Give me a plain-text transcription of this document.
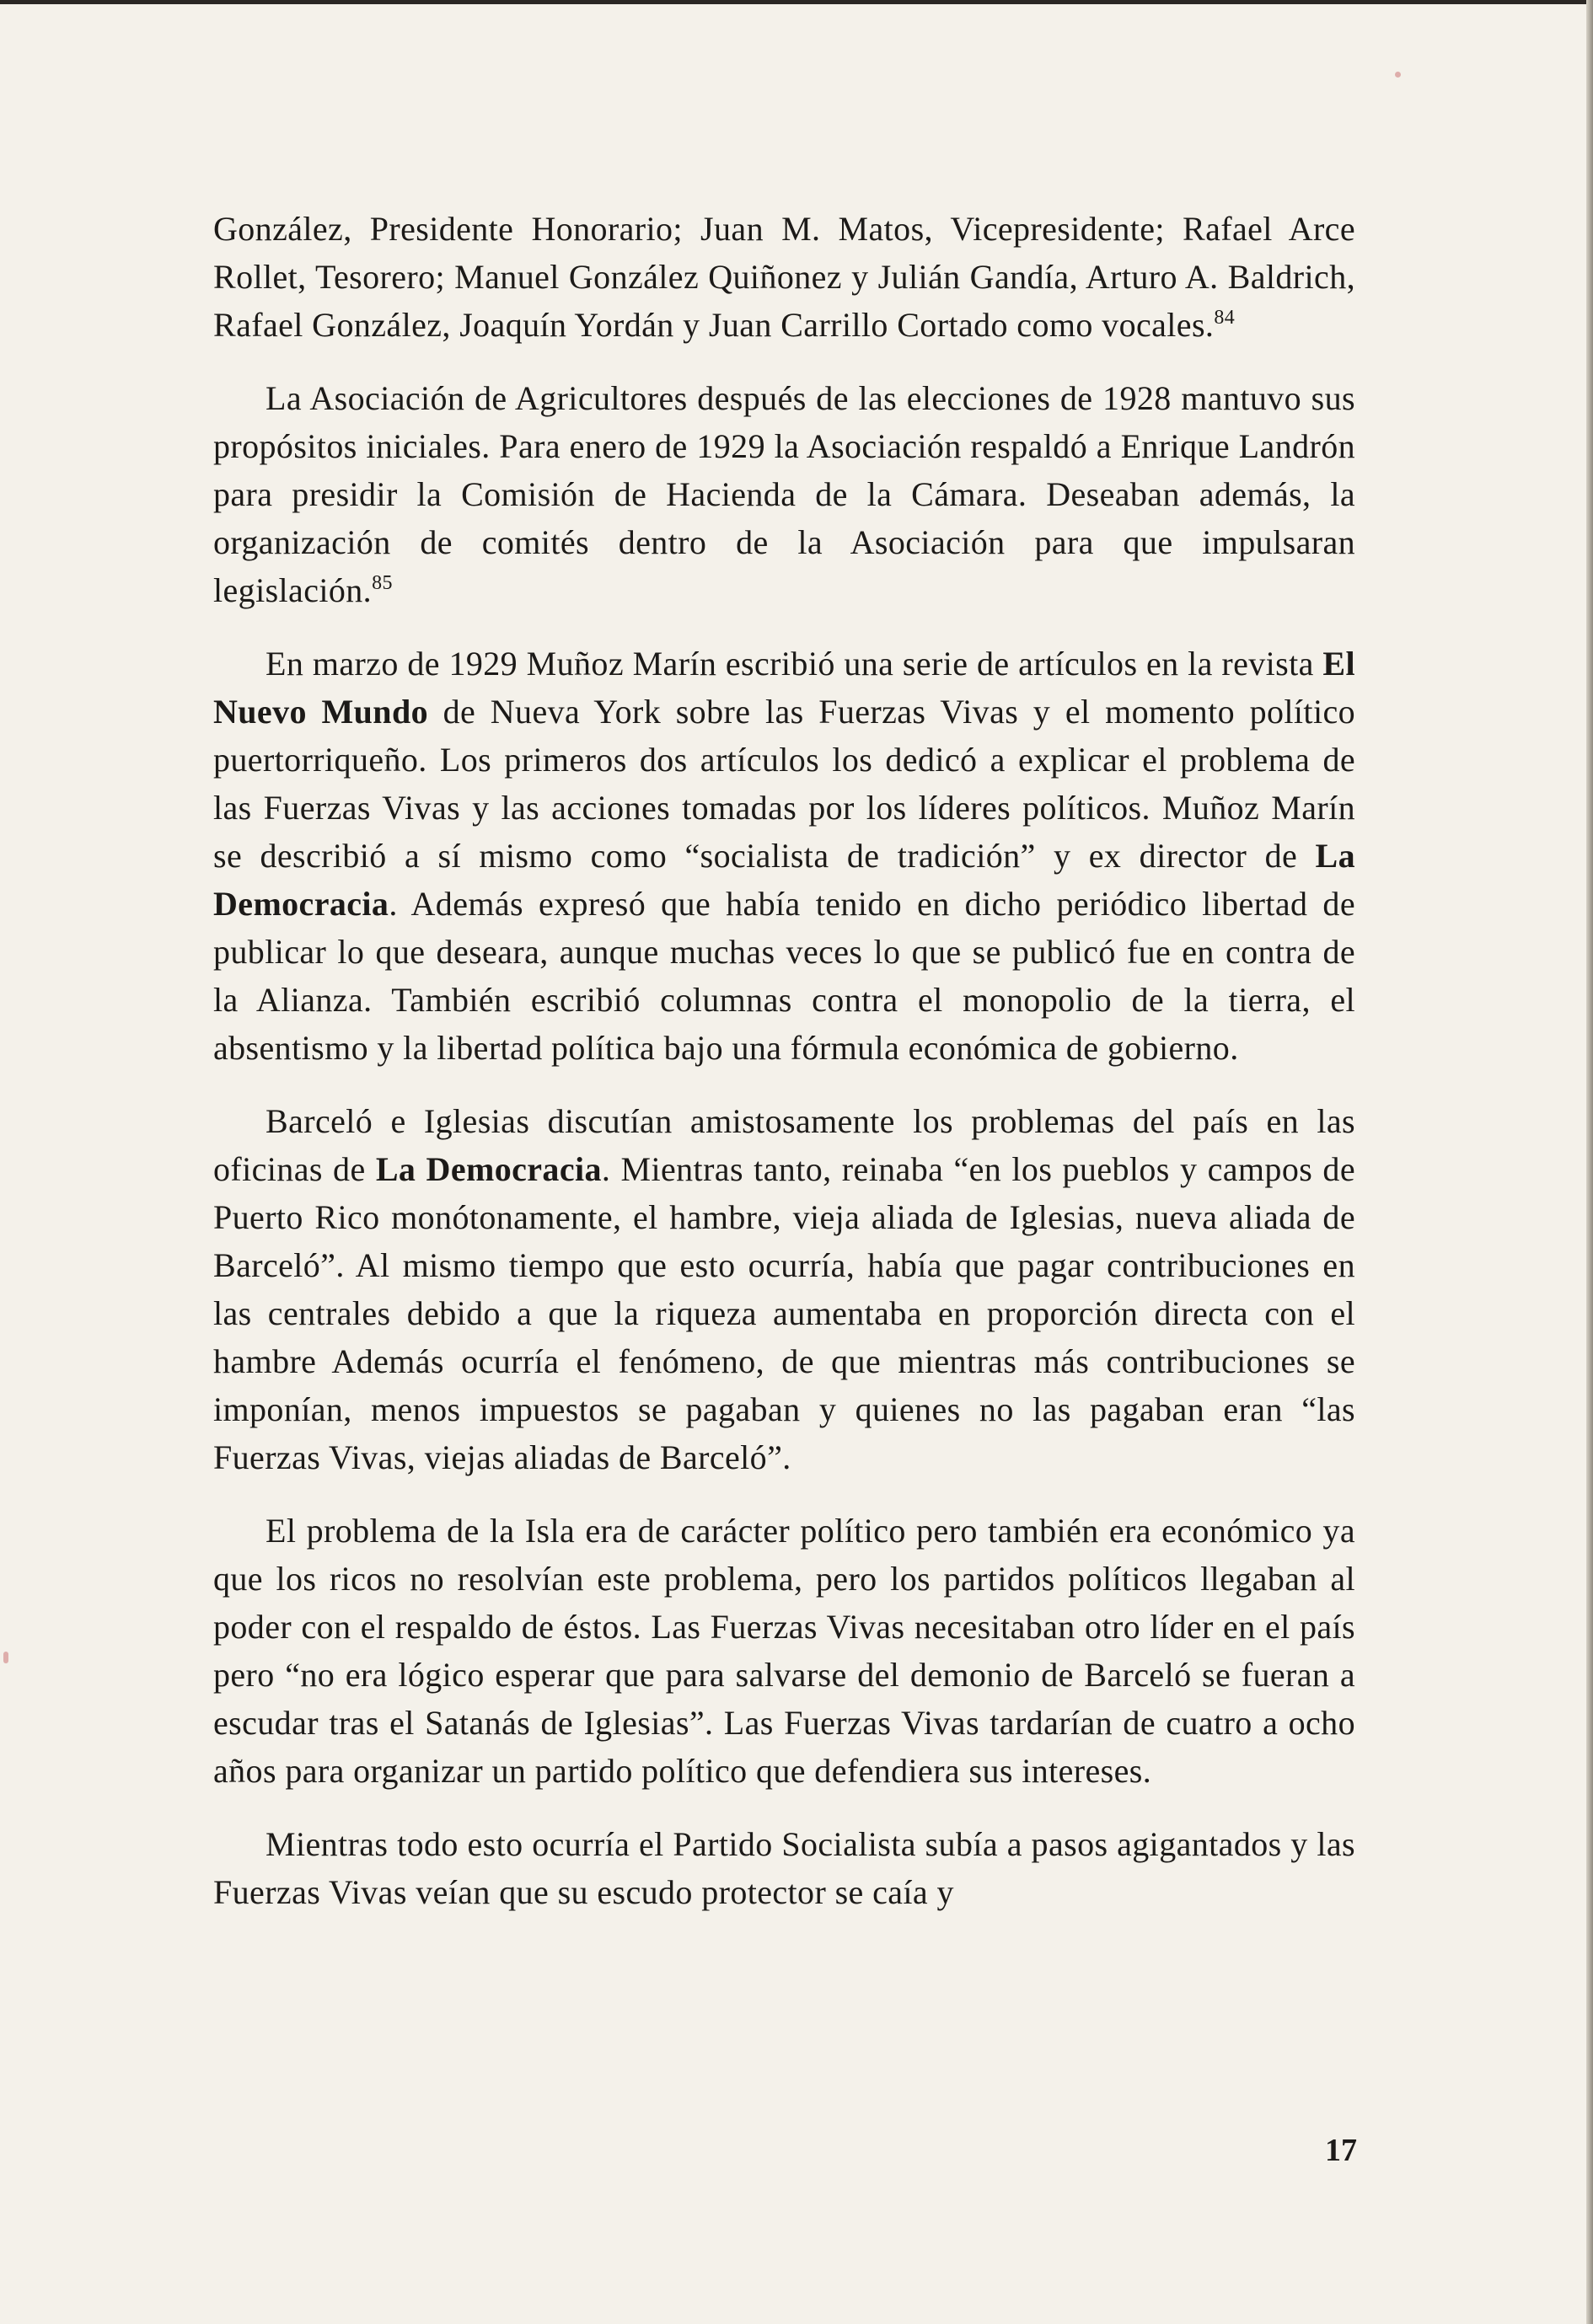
González, Presidente Honorario; Juan M. Matos, Vicepresidente; Rafael Arce Rollet, Tesorero; Manuel González Quiñonez y Julián Gandía, Arturo A. Baldrich, Rafael González, Joaquín Yordán y Juan Carrillo Cortado como vocales.$^{84}$

La Asociación de Agricultores después de las elecciones de 1928 mantuvo sus propósitos iniciales. Para enero de 1929 la Asociación respaldó a Enrique Landrón para presidir la Comisión de Hacienda de la Cámara. Deseaban además, la organización de comités dentro de la Asociación para que impulsaran legislación.$^{85}$

En marzo de 1929 Muñoz Marín escribió una serie de artículos en la revista El Nuevo Mundo de Nueva York sobre las Fuerzas Vivas y el momento político puertorriqueño. Los primeros dos artículos los dedicó a explicar el problema de las Fuerzas Vivas y las acciones tomadas por los líderes políticos. Muñoz Marín se describió a sí mismo como “socialista de tradición” y ex director de La Democracia. Además expresó que había tenido en dicho periódico libertad de publicar lo que deseara, aunque muchas veces lo que se publicó fue en contra de la Alianza. También escribió columnas contra el monopolio de la tierra, el absentismo y la libertad política bajo una fórmula económica de gobierno.

Barceló e Iglesias discutían amistosamente los problemas del país en las oficinas de La Democracia. Mientras tanto, reinaba “en los pueblos y campos de Puerto Rico monótonamente, el hambre, vieja aliada de Iglesias, nueva aliada de Barceló”. Al mismo tiempo que esto ocurría, había que pagar contribuciones en las centrales debido a que la riqueza aumentaba en proporción directa con el hambre Además ocurría el fenómeno, de que mientras más contribuciones se imponían, menos impuestos se pagaban y quienes no las pagaban eran “las Fuerzas Vivas, viejas aliadas de Barceló”.

El problema de la Isla era de carácter político pero también era económico ya que los ricos no resolvían este problema, pero los partidos políticos llegaban al poder con el respaldo de éstos. Las Fuerzas Vivas necesitaban otro líder en el país pero “no era lógico esperar que para salvarse del demonio de Barceló se fueran a escudar tras el Satanás de Iglesias”. Las Fuerzas Vivas tardarían de cuatro a ocho años para organizar un partido político que defendiera sus intereses.

Mientras todo esto ocurría el Partido Socialista subía a pasos agigantados y las Fuerzas Vivas veían que su escudo protector se caía y

17
